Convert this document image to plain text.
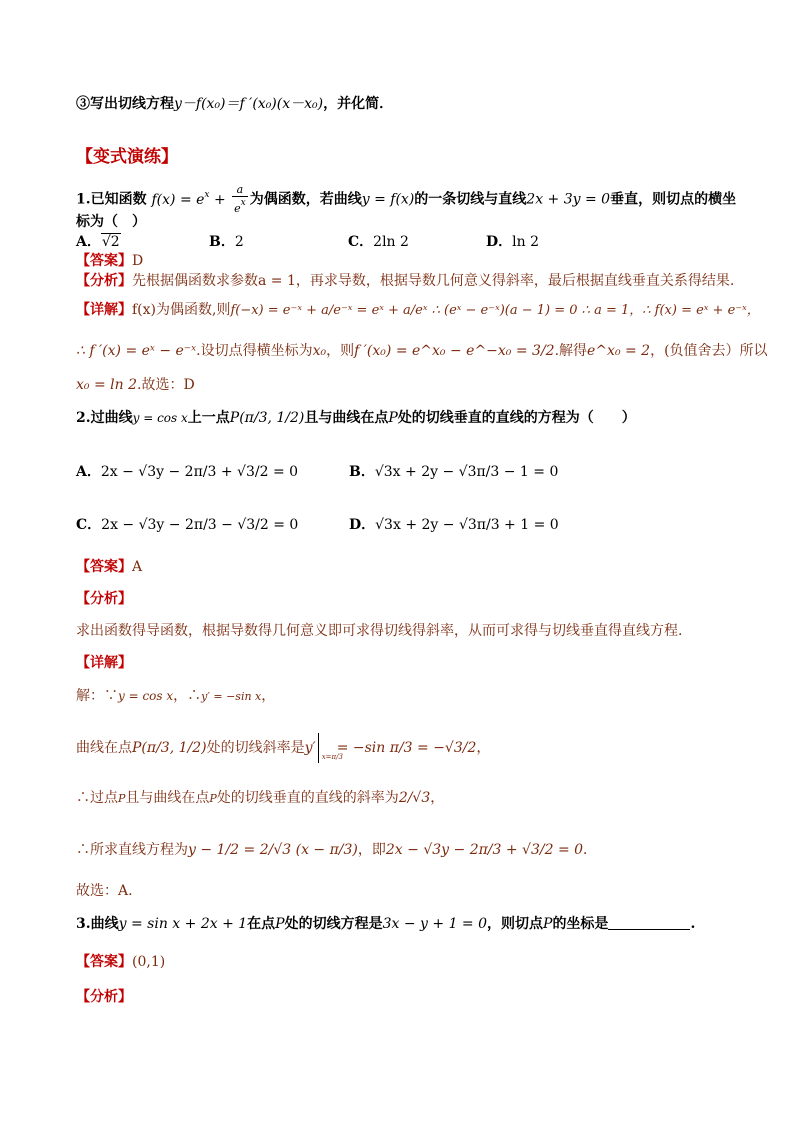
③写出切线方程y－f(x₀)＝f ′(x₀)(x－x₀)，并化简．
【变式演练】
1.已知函数 $f(x) = e^x + \frac{a}{e^x}$ 为偶函数，若曲线y = f(x)的一条切线与直线2x + 3y = 0垂直，则切点的横坐
标为（　）
A．√2	B．2	C．2ln 2	D．ln 2
【答案】D
【分析】先根据偶函数求参数a = 1，再求导数，根据导数几何意义得斜率，最后根据直线垂直关系得结果.
【详解】f(x)为偶函数,则f(−x) = e⁻ˣ + a/e⁻ˣ = eˣ + a/eˣ ∴ (eˣ − e⁻ˣ)(a − 1) = 0 ∴ a = 1，∴ f(x) = eˣ + e⁻ˣ，
∴ f ′(x) = eˣ − e⁻ˣ.设切点得横坐标为x₀，则f ′(x₀) = e^x₀ − e^−x₀ = 3/2.解得e^x₀ = 2，(负值舍去）所以
x₀ = ln 2.故选：D
2.过曲线y = cos x上一点P(π/3, 1/2)且与曲线在点P处的切线垂直的直线的方程为（　　）
A．2x − √3y − 2π/3 + √3/2 = 0	B．√3x + 2y − √3π/3 − 1 = 0
C．2x − √3y − 2π/3 − √3/2 = 0	D．√3x + 2y − √3π/3 + 1 = 0
【答案】A
【分析】
求出函数得导函数，根据导数得几何意义即可求得切线得斜率，从而可求得与切线垂直得直线方程.
【详解】
解：∵y = cos x，∴y′ = −sin x，
曲线在点P(π/3, 1/2)处的切线斜率是y′
x=π/3
= −sin π/3 = −√3/2，
∴过点P且与曲线在点P处的切线垂直的直线的斜率为2/√3，
∴所求直线方程为y − 1/2 = 2/√3 (x − π/3)，即2x − √3y − 2π/3 + √3/2 = 0．
故选：A.
3.曲线y = sin x + 2x + 1在点P处的切线方程是3x − y + 1 = 0，则切点P的坐标是	.
【答案】(0,1)
【分析】
